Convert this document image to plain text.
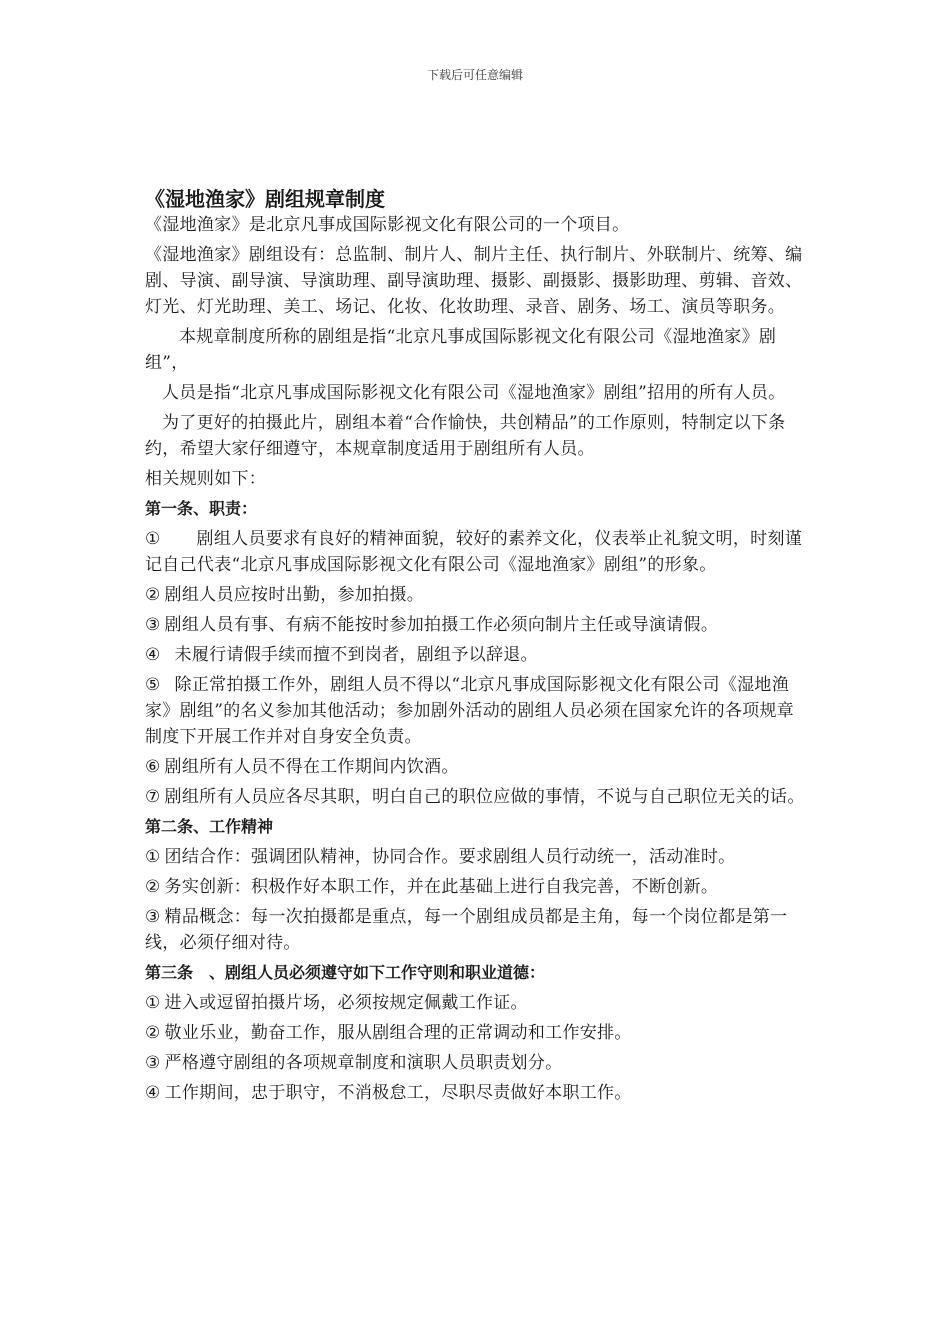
下载后可任意编辑
《湿地渔家》剧组规章制度

《湿地渔家》是北京凡事成国际影视文化有限公司的一个项目。

《湿地渔家》剧组设有：总监制、制片人、制片主任、执行制片、外联制片、统筹、编剧、导演、副导演、导演助理、副导演助理、摄影、副摄影、摄影助理、剪辑、音效、灯光、灯光助理、美工、场记、化妆、化妆助理、录音、剧务、场工、演员等职务。

本规章制度所称的剧组是指“北京凡事成国际影视文化有限公司《湿地渔家》剧组”，

人员是指“北京凡事成国际影视文化有限公司《湿地渔家》剧组”招用的所有人员。

为了更好的拍摄此片，剧组本着“合作愉快，共创精品”的工作原则，特制定以下条约，希望大家仔细遵守，本规章制度适用于剧组所有人员。

相关规则如下：

第一条、职责：

① 剧组人员要求有良好的精神面貌，较好的素养文化，仪表举止礼貌文明，时刻谨记自己代表“北京凡事成国际影视文化有限公司《湿地渔家》剧组”的形象。

② 剧组人员应按时出勤，参加拍摄。

③ 剧组人员有事、有病不能按时参加拍摄工作必须向制片主任或导演请假。

④ 未履行请假手续而擅不到岗者，剧组予以辞退。

⑤ 除正常拍摄工作外，剧组人员不得以“北京凡事成国际影视文化有限公司《湿地渔家》剧组”的名义参加其他活动；参加剧外活动的剧组人员必须在国家允许的各项规章制度下开展工作并对自身安全负责。

⑥ 剧组所有人员不得在工作期间内饮酒。

⑦ 剧组所有人员应各尽其职，明白自己的职位应做的事情，不说与自己职位无关的话。

第二条、工作精神

① 团结合作：强调团队精神，协同合作。要求剧组人员行动统一，活动准时。

② 务实创新：积极作好本职工作，并在此基础上进行自我完善，不断创新。

③ 精品概念：每一次拍摄都是重点，每一个剧组成员都是主角，每一个岗位都是第一线，必须仔细对待。

第三条　、剧组人员必须遵守如下工作守则和职业道德：

① 进入或逗留拍摄片场，必须按规定佩戴工作证。

② 敬业乐业，勤奋工作，服从剧组合理的正常调动和工作安排。

③ 严格遵守剧组的各项规章制度和演职人员职责划分。

④ 工作期间，忠于职守，不消极怠工，尽职尽责做好本职工作。
